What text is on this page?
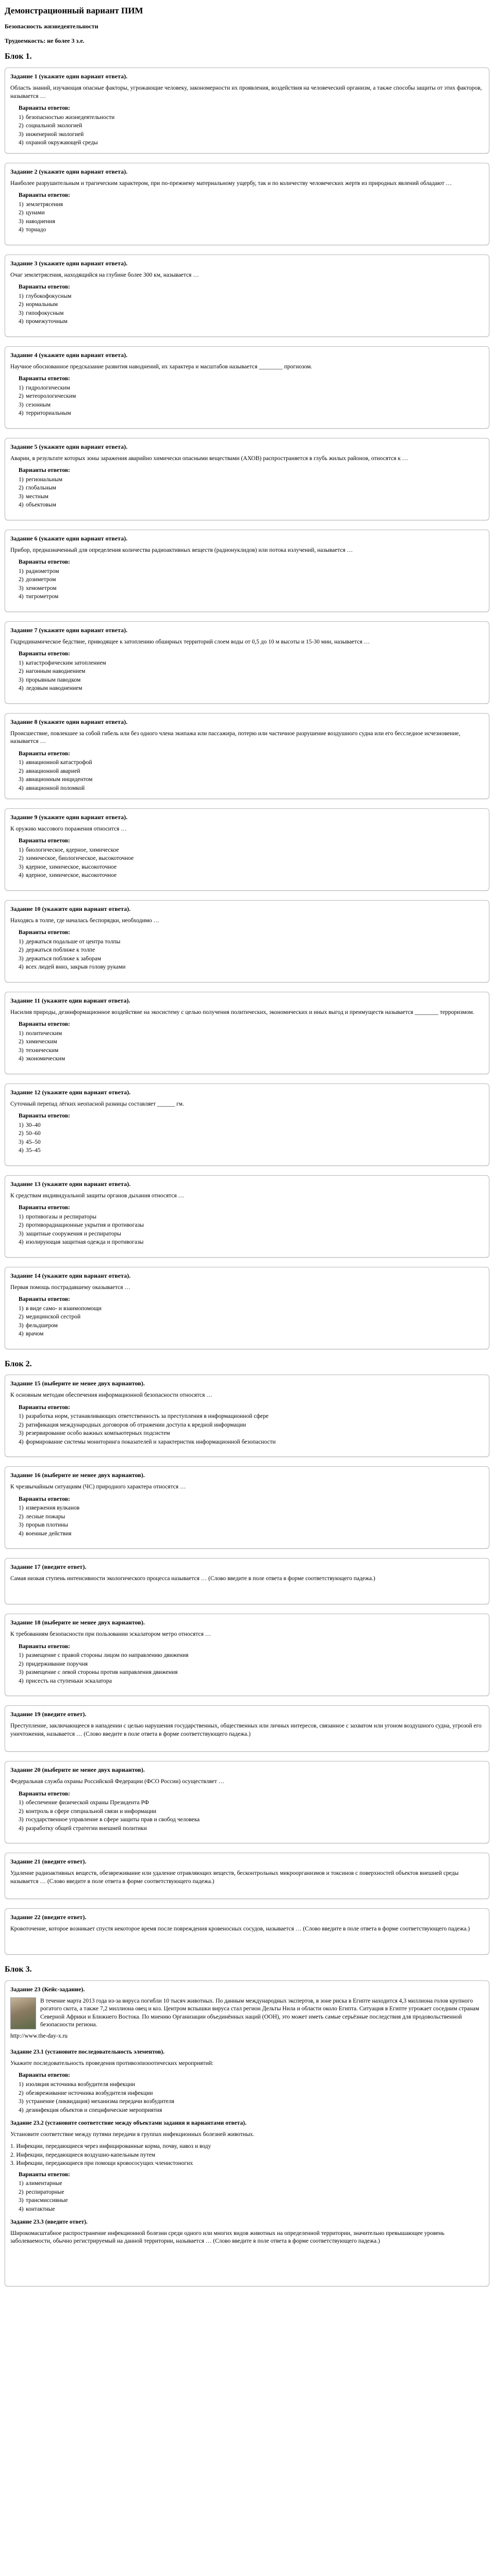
Демонстрационный вариант ПИМ
Безопасность жизнедеятельности
Трудоемкость: не более 3 з.е.
Блок 1.
Задание 1 (укажите один вариант ответа).
Область знаний, изучающая опасные факторы, угрожающие человеку, закономерности их проявления, воздействия на человеческий организм, а также способы защиты от этих факторов, называется …
Варианты ответов:
1)безопасностью жизнедеятельности
2)социальной экологией
3)инженерной экологией
4)охраной окружающей среды
Задание 2 (укажите один вариант ответа).
Наиболее разрушительным и трагическим характером, при по-прежнему материальному ущербу, так и по количеству человеческих жертв из природных явлений обладают …
Варианты ответов:
1)землетрясения
2)цунами
3)наводнения
4)торнадо
Задание 3 (укажите один вариант ответа).
Очаг землетрясения, находящийся на глубине более 300 км, называется …
Варианты ответов:
1)глубокофокусным
2)нормальным
3)гипофокусным
4)промежуточным
Задание 4 (укажите один вариант ответа).
Научное обоснованное предсказание развития наводнений, их характера и масштабов называется ________ прогнозом.
Варианты ответов:
1)гидрологическим
2)метеорологическим
3)сезонным
4)территориальным
Задание 5 (укажите один вариант ответа).
Аварии, в результате которых зоны заражения аварийно химически опасными веществами (АХОВ) распространяется в глубь жилых районов, относятся к …
Варианты ответов:
1)региональным
2)глобальным
3)местным
4)объектовым
Задание 6 (укажите один вариант ответа).
Прибор, предназначенный для определения количества радиоактивных веществ (радионуклидов) или потока излучений, называется …
Варианты ответов:
1)радиометром
2)дозиметром
3)хемометром
4)тигрометром
Задание 7 (укажите один вариант ответа).
Гидродинамическое бедствие, приводящее к затоплению обширных территорий слоем воды от 0,5 до 10 м высоты и 15-30 мин, называется …
Варианты ответов:
1)катастрофическим затоплением
2)нагонным наводнением
3)прорывным паводком
4)ледовым наводнением
Задание 8 (укажите один вариант ответа).
Происшествие, повлекшее за собой гибель или без одного члена экипажа или пассажира, потерю или частичное разрушение воздушного судна или его бесследное исчезновение, называется …
Варианты ответов:
1)авиационной катастрофой
2)авиационной аварией
3)авиационным инцидентом
4)авиационной поломкой
Задание 9 (укажите один вариант ответа).
К оружию массового поражения относится …
Варианты ответов:
1)биологическое, ядерное, химическое
2)химическое, биологическое, высокоточное
3)ядерное, химическое, высокоточное
4)ядерное, химическое, высокоточное
Задание 10 (укажите один вариант ответа).
Находясь в толпе, где началась беспорядки, необходимо …
Варианты ответов:
1)держаться подальше от центра толпы
2)держаться поближе к толпе
3)держаться поближе к заборам
4)всех людей вниз, закрыв голову руками
Задание 11 (укажите один вариант ответа).
Насилия природы, дезинформационное воздействие на экосистему с целью получения политических, экономических и иных выгод и преимуществ называется ________ терроризмом.
Варианты ответов:
1)политическим
2)химическим
3)техническим
4)экономическим
Задание 12 (укажите один вариант ответа).
Суточный перепад лёгких неопасной разницы составляет ______ гм.
Варианты ответов:
1)30–40
2)50–60
3)45–50
4)35–45
Задание 13 (укажите один вариант ответа).
К средствам индивидуальной защиты органов дыхания относятся …
Варианты ответов:
1)противогазы и респираторы
2)противорадиационные укрытия и противогазы
3)защитные сооружения и респираторы
4)изолирующая защитная одежда и противогазы
Задание 14 (укажите один вариант ответа).
Первая помощь пострадавшему оказывается …
Варианты ответов:
1)в виде само- и взаимопомощи
2)медицинской сестрой
3)фельдшером
4)врачом
Блок 2.
Задание 15 (выберите не менее двух вариантов).
К основным методам обеспечения информационной безопасности относятся …
Варианты ответов:
1)разработка норм, устанавливающих ответственность за преступления в информационной сфере
2)ратификация международных договоров об отражении доступа к вредной информации
3)резервирование особо важных компьютерных подсистем
4)формирование системы мониторинга показателей и характеристик информационной безопасности
Задание 16 (выберите не менее двух вариантов).
К чрезвычайным ситуациям (ЧС) природного характера относятся …
Варианты ответов:
1)извержения вулканов
2)лесные пожары
3)прорыв плотины
4)военные действия
Задание 17 (введите ответ).
Самая низкая ступень интенсивности экологического процесса называется … (Слово введите в поле ответа в форме соответствующего падежа.)
Задание 18 (выберите не менее двух вариантов).
К требованиям безопасности при пользовании эскалатором метро относятся …
Варианты ответов:
1)размещение с правой стороны лицом по направлению движения
2)придерживание поручня
3)размещение с левой стороны против направления движения
4)присесть на ступеньки эскалатора
Задание 19 (введите ответ).
Преступление, заключающееся в нападении с целью нарушения государственных, общественных или личных интересов, связанное с захватом или угоном воздушного судна, угрозой его уничтожения, называется … (Слово введите в поле ответа в форме соответствующего падежа.)
Задание 20 (выберите не менее двух вариантов).
Федеральная служба охраны Российской Федерации (ФСО России) осуществляет …
Варианты ответов:
1)обеспечение физической охраны Президента РФ
2)контроль в сфере специальной связи и информации
3)государственное управление в сфере защиты прав и свобод человека
4)разработку общей стратегии внешней политики
Задание 21 (введите ответ).
Удаление радиоактивных веществ, обезвреживание или удаление отравляющих веществ, бесконтрольных микроорганизмов и токсинов с поверхностей объектов внешней среды называется … (Слово введите в поле ответа в форме соответствующего падежа.)
Задание 22 (введите ответ).
Кровоточение, которое возникает спустя некоторое время после повреждения кровеносных сосудов, называется … (Слово введите в поле ответа в форме соответствующего падежа.)
Блок 3.
Задание 23 (Кейс-задание).
В течение марта 2013 года из-за вируса погибли 10 тысяч животных. По данным международных экспертов, в зоне риска в Египте находится 4,3 миллиона голов крупного рогатого скота, а также 7,2 миллиона овец и коз. Центром вспышки вируса стал регион Дельты Нила и области около Египта. Ситуация в Египте угрожает соседним странам Северной Африки и Ближнего Востока. По мнению Организации объединённых наций (ООН), это может иметь самые серьёзные последствия для продовольственной безопасности региона.
http://www.the-day-x.ru
Задание 23.1 (установите последовательность элементов).
Укажите последовательность проведения противоэпизоотических мероприятий:
Варианты ответов:
1)изоляция источника возбудителя инфекции
2)обезвреживание источника возбудителя инфекции
3)устранение (ликвидация) механизма передачи возбудителя
4)дезинфекция объектов и специфические мероприятия
Задание 23.2 (установите соответствие между объектами задания и вариантами ответа).
Установите соответствие между путями передачи в группах инфекционных болезней животных.
1. Инфекции, передающиеся через инфицированные корма, почву, навоз и воду
2. Инфекции, передающиеся воздушно-капельным путем
3. Инфекции, передающиеся при помощи кровососущих членистоногих
Варианты ответов:
1)алиментарные
2)респираторные
3)трансмиссивные
4)контактные
Задание 23.3 (введите ответ).
Широкомасштабное распространение инфекционной болезни среди одного или многих видов животных на определенной территории, значительно превышающее уровень заболеваемости, обычно регистрируемый на данной территории, называется … (Слово введите в поле ответа в форме соответствующего падежа.)
